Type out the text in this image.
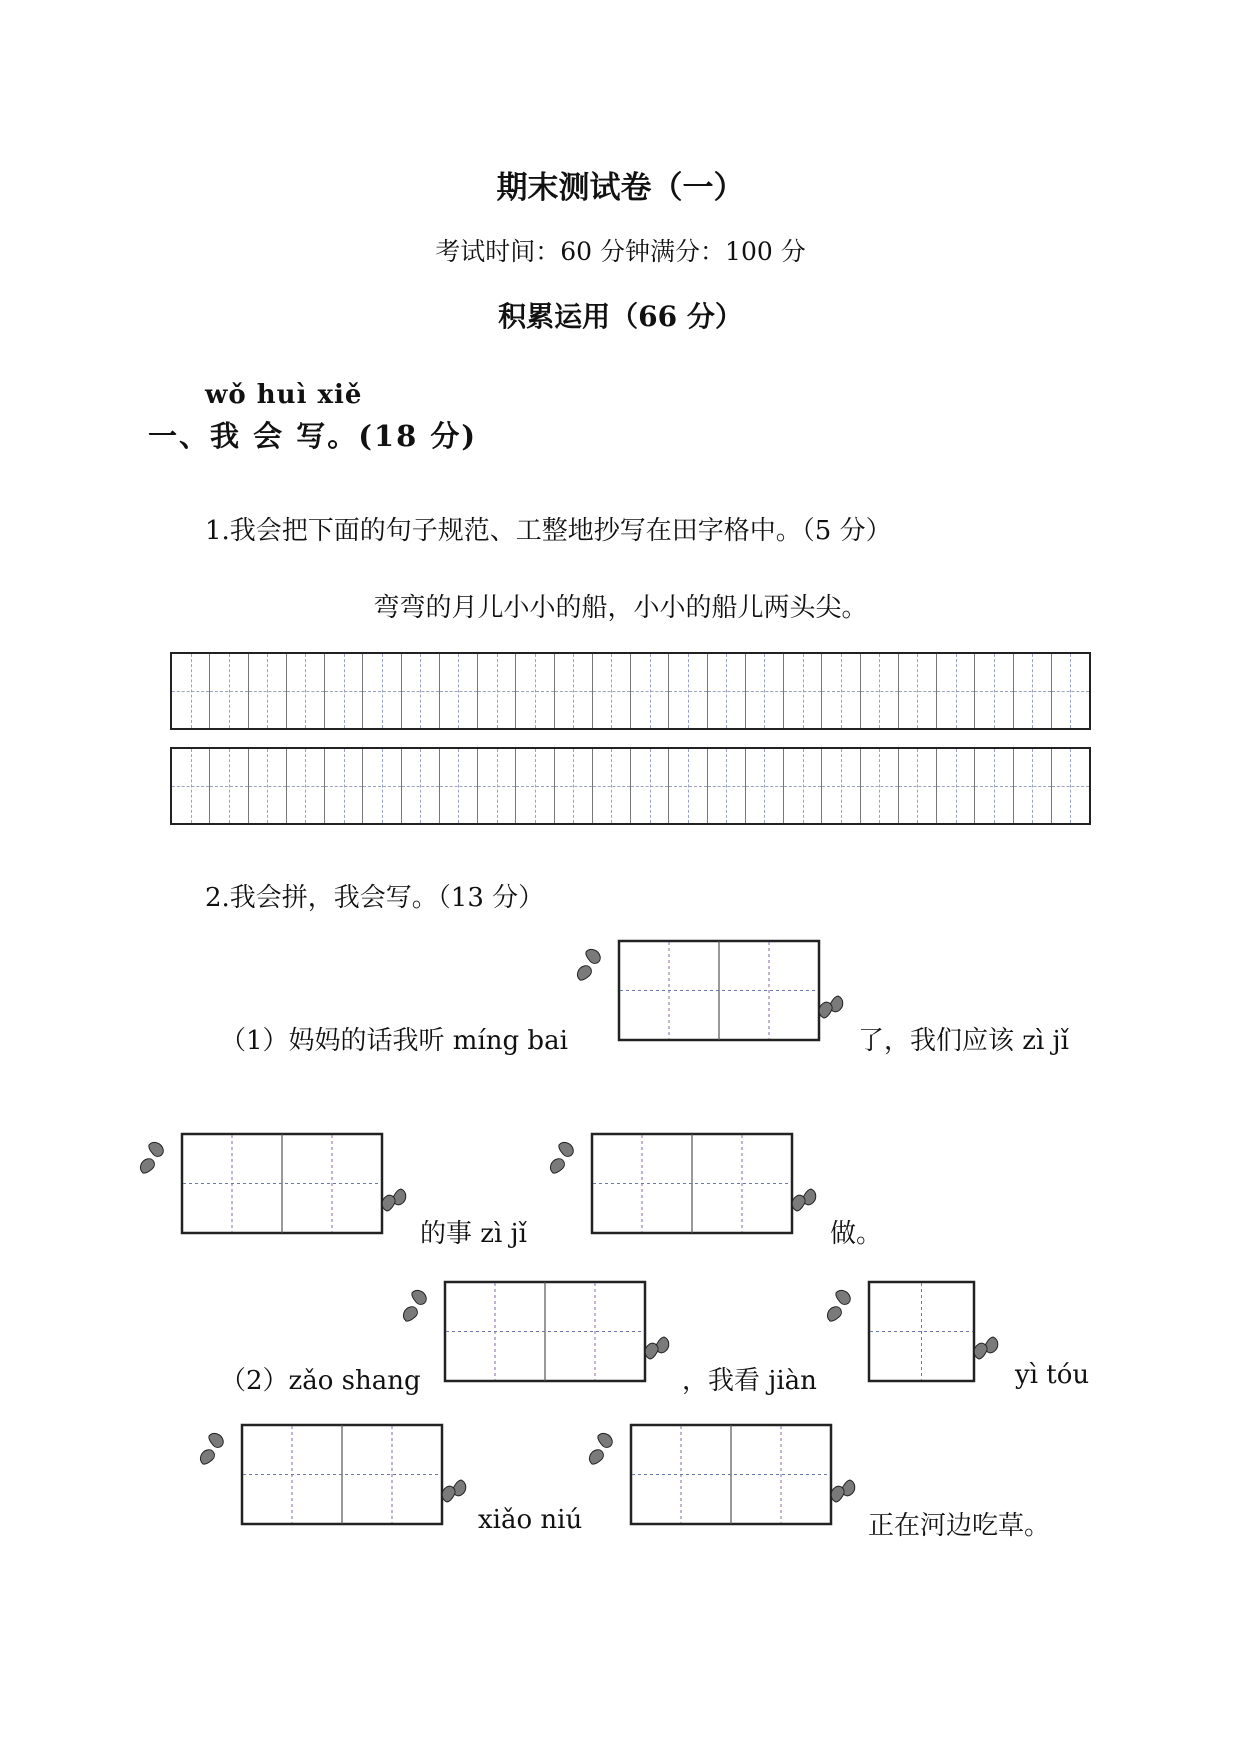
期末测试卷（一）
考试时间：60 分钟满分：100 分
积累运用（66 分）
wǒ huì xiě
一、我 会 写。(18 分)
1.我会把下面的句子规范、工整地抄写在田字格中。（5 分）
弯弯的月儿小小的船，小小的船儿两头尖。
2.我会拼，我会写。（13 分）
（1）妈妈的话我听 míng bai	了，我们应该 zì jǐ
的事 zì jǐ	做。
（2）zǎo shang	，我看 jiàn	yì tóu
xiǎo niú	正在河边吃草。
